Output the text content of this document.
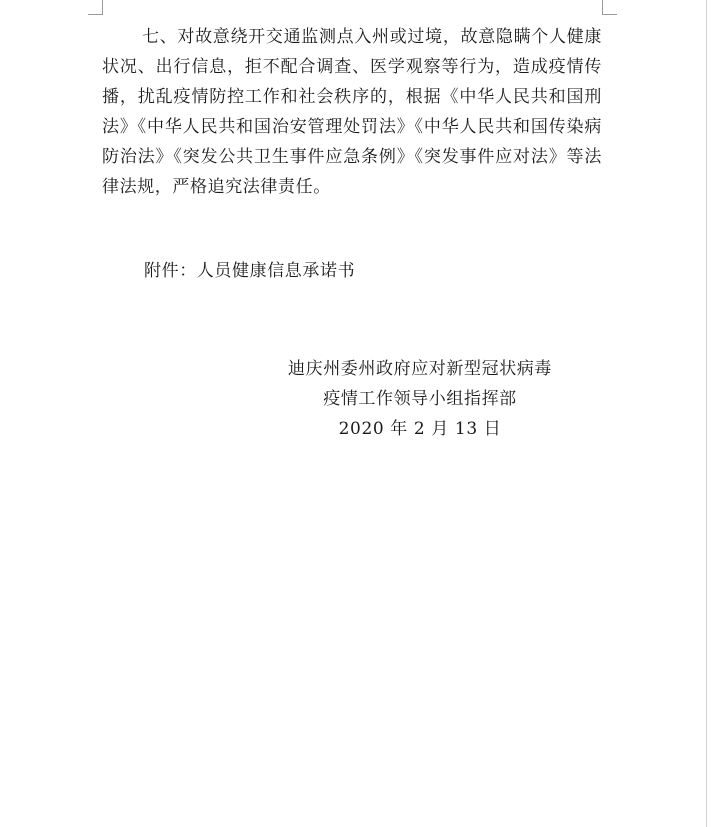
七、对故意绕开交通监测点入州或过境，故意隐瞒个人健康状况、出行信息，拒不配合调查、医学观察等行为，造成疫情传播，扰乱疫情防控工作和社会秩序的，根据《中华人民共和国刑法》《中华人民共和国治安管理处罚法》《中华人民共和国传染病防治法》《突发公共卫生事件应急条例》《突发事件应对法》等法律法规，严格追究法律责任。

附件：人员健康信息承诺书

迪庆州委州政府应对新型冠状病毒
疫情工作领导小组指挥部
2020 年 2 月 13 日
